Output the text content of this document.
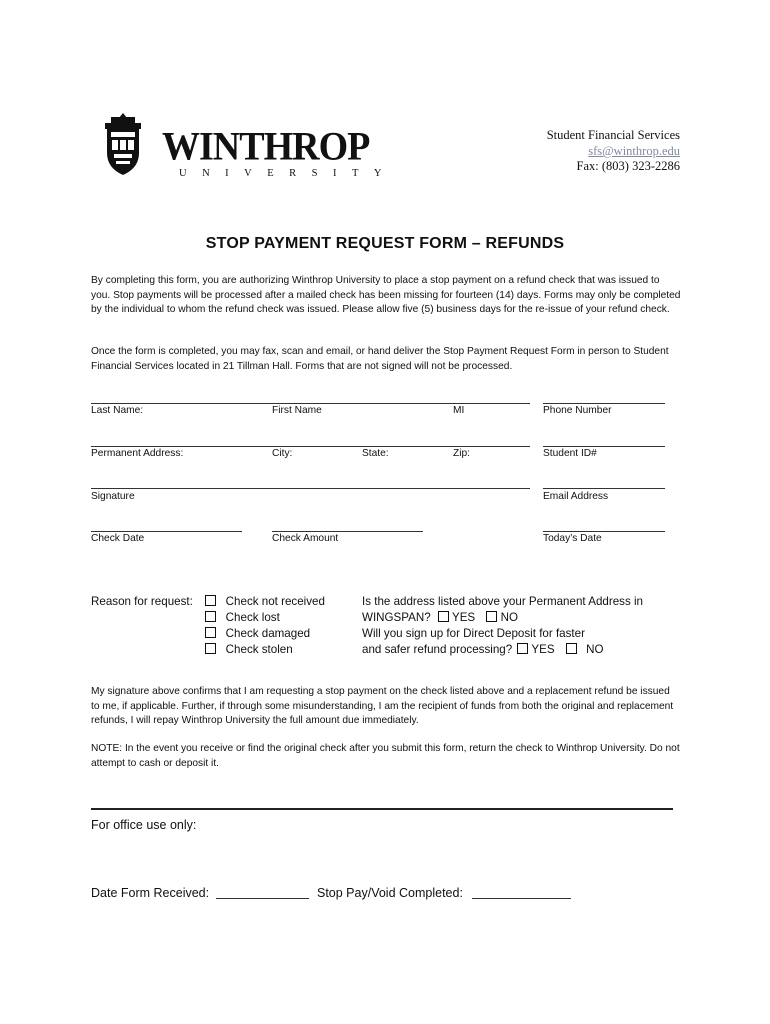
WINTHROP
UNIVERSITY
Student Financial Services
sfs@winthrop.edu
Fax: (803) 323-2286
STOP PAYMENT REQUEST FORM – REFUNDS
By completing this form, you are authorizing Winthrop University to place a stop payment on a refund check that was issued to you. Stop payments will be processed after a mailed check has been missing for fourteen (14) days. Forms may only be completed by the individual to whom the refund check was issued. Please allow five (5) business days for the re-issue of your refund check.
Once the form is completed, you may fax, scan and email, or hand deliver the Stop Payment Request Form in person to Student Financial Services located in 21 Tillman Hall. Forms that are not signed will not be processed.
Last Name:	First Name	MI	Phone Number
Permanent Address:	City:	State:	Zip:	Student ID#
Signature	Email Address
Check Date	Check Amount	Today’s Date
Reason for request:	Check not received
Check lost
Check damaged
Check stolen
Is the address listed above your Permanent Address in
WINGSPAN? YES NO
Will you sign up for Direct Deposit for faster
and safer refund processing? YES	NO
My signature above confirms that I am requesting a stop payment on the check listed above and a replacement refund be issued to me, if applicable. Further, if through some misunderstanding, I am the recipient of funds from both the original and replacement refunds, I will repay Winthrop University the full amount due immediately.
NOTE: In the event you receive or find the original check after you submit this form, return the check to Winthrop University. Do not attempt to cash or deposit it.
For office use only:
Date Form Received:	Stop Pay/Void Completed:
